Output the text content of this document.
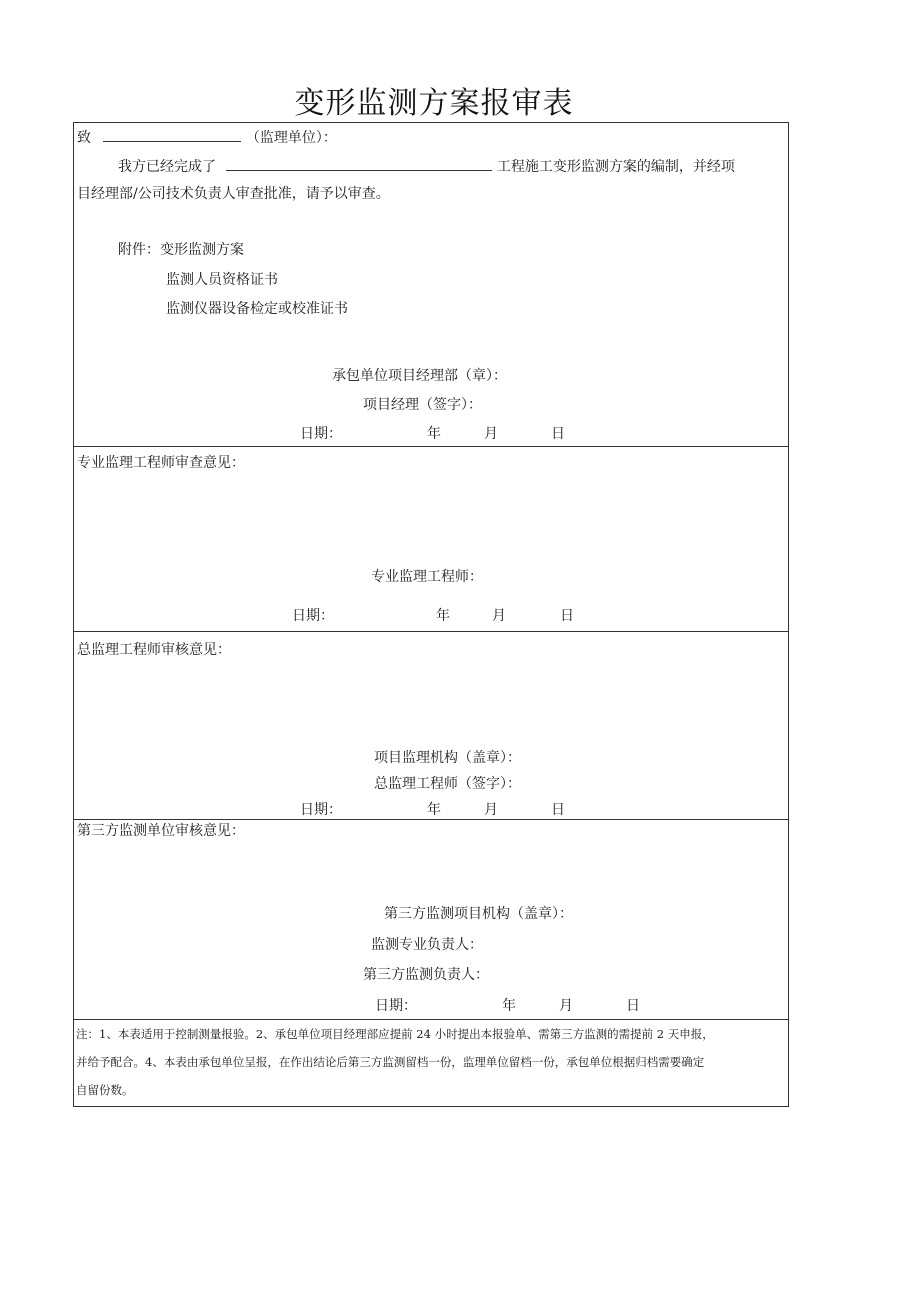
变形监测方案报审表
致	（监理单位）：
我方已经完成了	工程施工变形监测方案的编制，并经项
目经理部/公司技术负责人审查批准，请予以审查。
附件：变形监测方案
监测人员资格证书
监测仪器设备检定或校准证书
承包单位项目经理部（章）：
项目经理（签字）：
日期：	年	月	日
专业监理工程师审查意见：
专业监理工程师：
日期：	年	月	日
总监理工程师审核意见：
项目监理机构（盖章）：
总监理工程师（签字）：
日期：	年	月	日
第三方监测单位审核意见：
第三方监测项目机构（盖章）：
监测专业负责人：
第三方监测负责人：
日期：	年	月	日
注：1、本表适用于控制测量报验。2、承包单位项目经理部应提前 24 小时提出本报验单、需第三方监测的需提前 2 天申报，
并给予配合。4、本表由承包单位呈报，在作出结论后第三方监测留档一份，监理单位留档一份，承包单位根据归档需要确定
自留份数。
